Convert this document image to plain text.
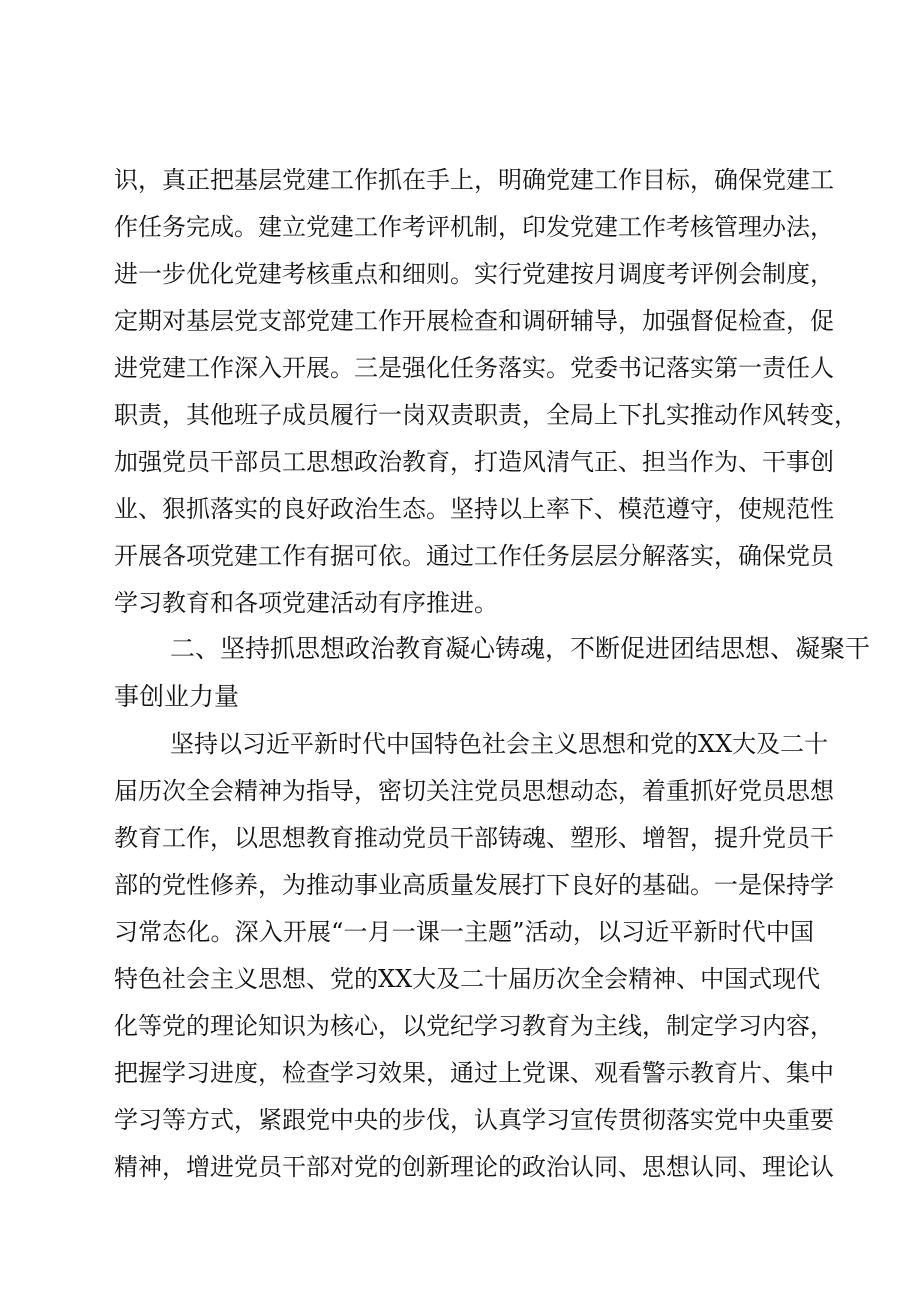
识，真正把基层党建工作抓在手上，明确党建工作目标，确保党建工
作任务完成。建立党建工作考评机制，印发党建工作考核管理办法，
进一步优化党建考核重点和细则。实行党建按月调度考评例会制度，
定期对基层党支部党建工作开展检查和调研辅导，加强督促检查，促
进党建工作深入开展。三是强化任务落实。党委书记落实第一责任人
职责，其他班子成员履行一岗双责职责，全局上下扎实推动作风转变，
加强党员干部员工思想政治教育，打造风清气正、担当作为、干事创
业、狠抓落实的良好政治生态。坚持以上率下、模范遵守，使规范性
开展各项党建工作有据可依。通过工作任务层层分解落实，确保党员
学习教育和各项党建活动有序推进。
二、坚持抓思想政治教育凝心铸魂，不断促进团结思想、凝聚干
事创业力量
坚持以习近平新时代中国特色社会主义思想和党的XX大及二十
届历次全会精神为指导，密切关注党员思想动态，着重抓好党员思想
教育工作，以思想教育推动党员干部铸魂、塑形、增智，提升党员干
部的党性修养，为推动事业高质量发展打下良好的基础。一是保持学
习常态化。深入开展“一月一课一主题”活动，以习近平新时代中国
特色社会主义思想、党的XX大及二十届历次全会精神、中国式现代
化等党的理论知识为核心，以党纪学习教育为主线，制定学习内容，
把握学习进度，检查学习效果，通过上党课、观看警示教育片、集中
学习等方式，紧跟党中央的步伐，认真学习宣传贯彻落实党中央重要
精神，增进党员干部对党的创新理论的政治认同、思想认同、理论认
